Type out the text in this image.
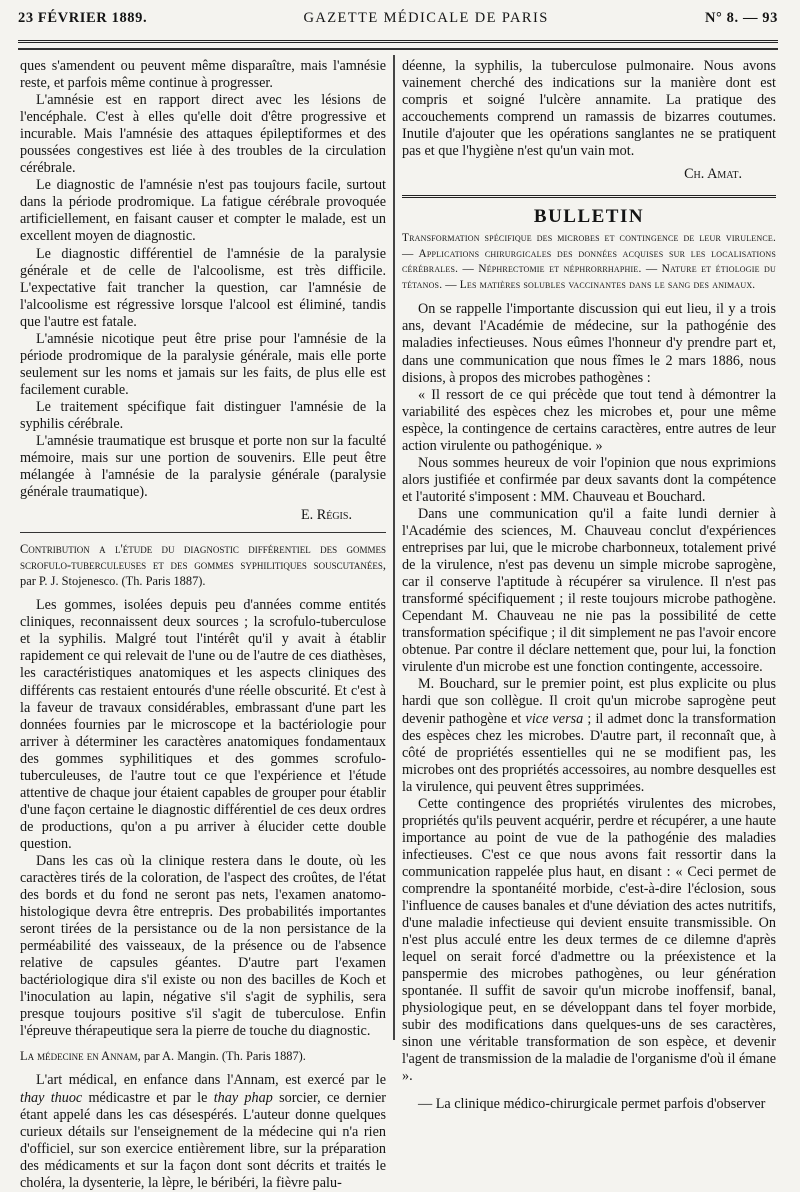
23 FÉVRIER 1889.	GAZETTE MÉDICALE DE PARIS	N° 8. — 93

ques s'amendent ou peuvent même disparaître, mais l'amnésie reste, et parfois même continue à progresser.

L'amnésie est en rapport direct avec les lésions de l'encéphale. C'est à elles qu'elle doit d'être progressive et incurable. Mais l'amnésie des attaques épileptiformes et des poussées congestives est liée à des troubles de la circulation cérébrale.

Le diagnostic de l'amnésie n'est pas toujours facile, surtout dans la période prodromique. La fatigue cérébrale provoquée artificiellement, en faisant causer et compter le malade, est un excellent moyen de diagnostic.

Le diagnostic différentiel de l'amnésie de la paralysie générale et de celle de l'alcoolisme, est très difficile. L'expectative fait trancher la question, car l'amnésie de l'alcoolisme est régressive lorsque l'alcool est éliminé, tandis que l'autre est fatale.

L'amnésie nicotique peut être prise pour l'amnésie de la période prodromique de la paralysie générale, mais elle porte seulement sur les noms et jamais sur les faits, de plus elle est facilement curable.

Le traitement spécifique fait distinguer l'amnésie de la syphilis cérébrale.

L'amnésie traumatique est brusque et porte non sur la faculté mémoire, mais sur une portion de souvenirs. Elle peut être mélangée à l'amnésie de la paralysie générale (paralysie générale traumatique).

E. Régis.

Contribution a l'étude du diagnostic différentiel des gommes scrofulo-tuberculeuses et des gommes syphilitiques souscutanées, par P. J. Stojenesco. (Th. Paris 1887).

Les gommes, isolées depuis peu d'années comme entités cliniques, reconnaissent deux sources ; la scrofulo-tuberculose et la syphilis. Malgré tout l'intérêt qu'il y avait à établir rapidement ce qui relevait de l'une ou de l'autre de ces diathèses, les caractéristiques anatomiques et les aspects cliniques des différents cas restaient entourés d'une réelle obscurité. Et c'est à la faveur de travaux considérables, embrassant d'une part les données fournies par le microscope et la bactériologie pour arriver à déterminer les caractères anatomiques fondamentaux des gommes syphilitiques et des gommes scrofulo-tuberculeuses, de l'autre tout ce que l'expérience et l'étude attentive de chaque jour étaient capables de grouper pour établir d'une façon certaine le diagnostic différentiel de ces deux ordres de productions, qu'on a pu arriver à élucider cette double question.

Dans les cas où la clinique restera dans le doute, où les caractères tirés de la coloration, de l'aspect des croûtes, de l'état des bords et du fond ne seront pas nets, l'examen anatomo-histologique devra être entrepris. Des probabilités importantes seront tirées de la persistance ou de la non persistance de la perméabilité des vaisseaux, de la présence ou de l'absence relative de capsules géantes. D'autre part l'examen bactériologique dira s'il existe ou non des bacilles de Koch et l'inoculation au lapin, négative s'il s'agit de syphilis, sera presque toujours positive s'il s'agit de tuberculose. Enfin l'épreuve thérapeutique sera la pierre de touche du diagnostic.

La médecine en Annam, par A. Mangin. (Th. Paris 1887).

L'art médical, en enfance dans l'Annam, est exercé par le thay thuoc médicastre et par le thay phap sorcier, ce dernier étant appelé dans les cas désespérés. L'auteur donne quelques curieux détails sur l'enseignement de la médecine qui n'a rien d'officiel, sur son exercice entièrement libre, sur la préparation des médicaments et sur la façon dont sont décrits et traités le choléra, la dysenterie, la lèpre, le béribéri, la fièvre palu-

déenne, la syphilis, la tuberculose pulmonaire. Nous avons vainement cherché des indications sur la manière dont est compris et soigné l'ulcère annamite. La pratique des accouchements comprend un ramassis de bizarres coutumes. Inutile d'ajouter que les opérations sanglantes ne se pratiquent pas et que l'hygiène n'est qu'un vain mot.

Ch. Amat.

BULLETIN

Transformation spécifique des microbes et contingence de leur virulence. — Applications chirurgicales des données acquises sur les localisations cérébrales. — Néphrectomie et néphrorrhaphie. — Nature et étiologie du tétanos. — Les matières solubles vaccinantes dans le sang des animaux.

On se rappelle l'importante discussion qui eut lieu, il y a trois ans, devant l'Académie de médecine, sur la pathogénie des maladies infectieuses. Nous eûmes l'honneur d'y prendre part et, dans une communication que nous fîmes le 2 mars 1886, nous disions, à propos des microbes pathogènes :

« Il ressort de ce qui précède que tout tend à démontrer la variabilité des espèces chez les microbes et, pour une même espèce, la contingence de certains caractères, entre autres de leur action virulente ou pathogénique. »

Nous sommes heureux de voir l'opinion que nous exprimions alors justifiée et confirmée par deux savants dont la compétence et l'autorité s'imposent : MM. Chauveau et Bouchard.

Dans une communication qu'il a faite lundi dernier à l'Académie des sciences, M. Chauveau conclut d'expériences entreprises par lui, que le microbe charbonneux, totalement privé de la virulence, n'est pas devenu un simple microbe saprogène, car il conserve l'aptitude à récupérer sa virulence. Il n'est pas transformé spécifiquement ; il reste toujours microbe pathogène. Cependant M. Chauveau ne nie pas la possibilité de cette transformation spécifique ; il dit simplement ne pas l'avoir encore obtenue. Par contre il déclare nettement que, pour lui, la fonction virulente d'un microbe est une fonction contingente, accessoire.

M. Bouchard, sur le premier point, est plus explicite ou plus hardi que son collègue. Il croit qu'un microbe saprogène peut devenir pathogène et vice versa ; il admet donc la transformation des espèces chez les microbes. D'autre part, il reconnaît que, à côté de propriétés essentielles qui ne se modifient pas, les microbes ont des propriétés accessoires, au nombre desquelles est la virulence, qui peuvent êtres supprimées.

Cette contingence des propriétés virulentes des microbes, propriétés qu'ils peuvent acquérir, perdre et récupérer, a une haute importance au point de vue de la pathogénie des maladies infectieuses. C'est ce que nous avons fait ressortir dans la communication rappelée plus haut, en disant : « Ceci permet de comprendre la spontanéité morbide, c'est-à-dire l'éclosion, sous l'influence de causes banales et d'une déviation des actes nutritifs, d'une maladie infectieuse qui devient ensuite transmissible. On n'est plus acculé entre les deux termes de ce dilemne d'après lequel on serait forcé d'admettre ou la préexistence et la panspermie des microbes pathogènes, ou leur génération spontanée. Il suffit de savoir qu'un microbe inoffensif, banal, physiologique peut, en se développant dans tel foyer morbide, subir des modifications dans quelques-uns de ses caractères, sinon une véritable transformation de son espèce, et devenir l'agent de transmission de la maladie de l'organisme d'où il émane ».

— La clinique médico-chirurgicale permet parfois d'observer
